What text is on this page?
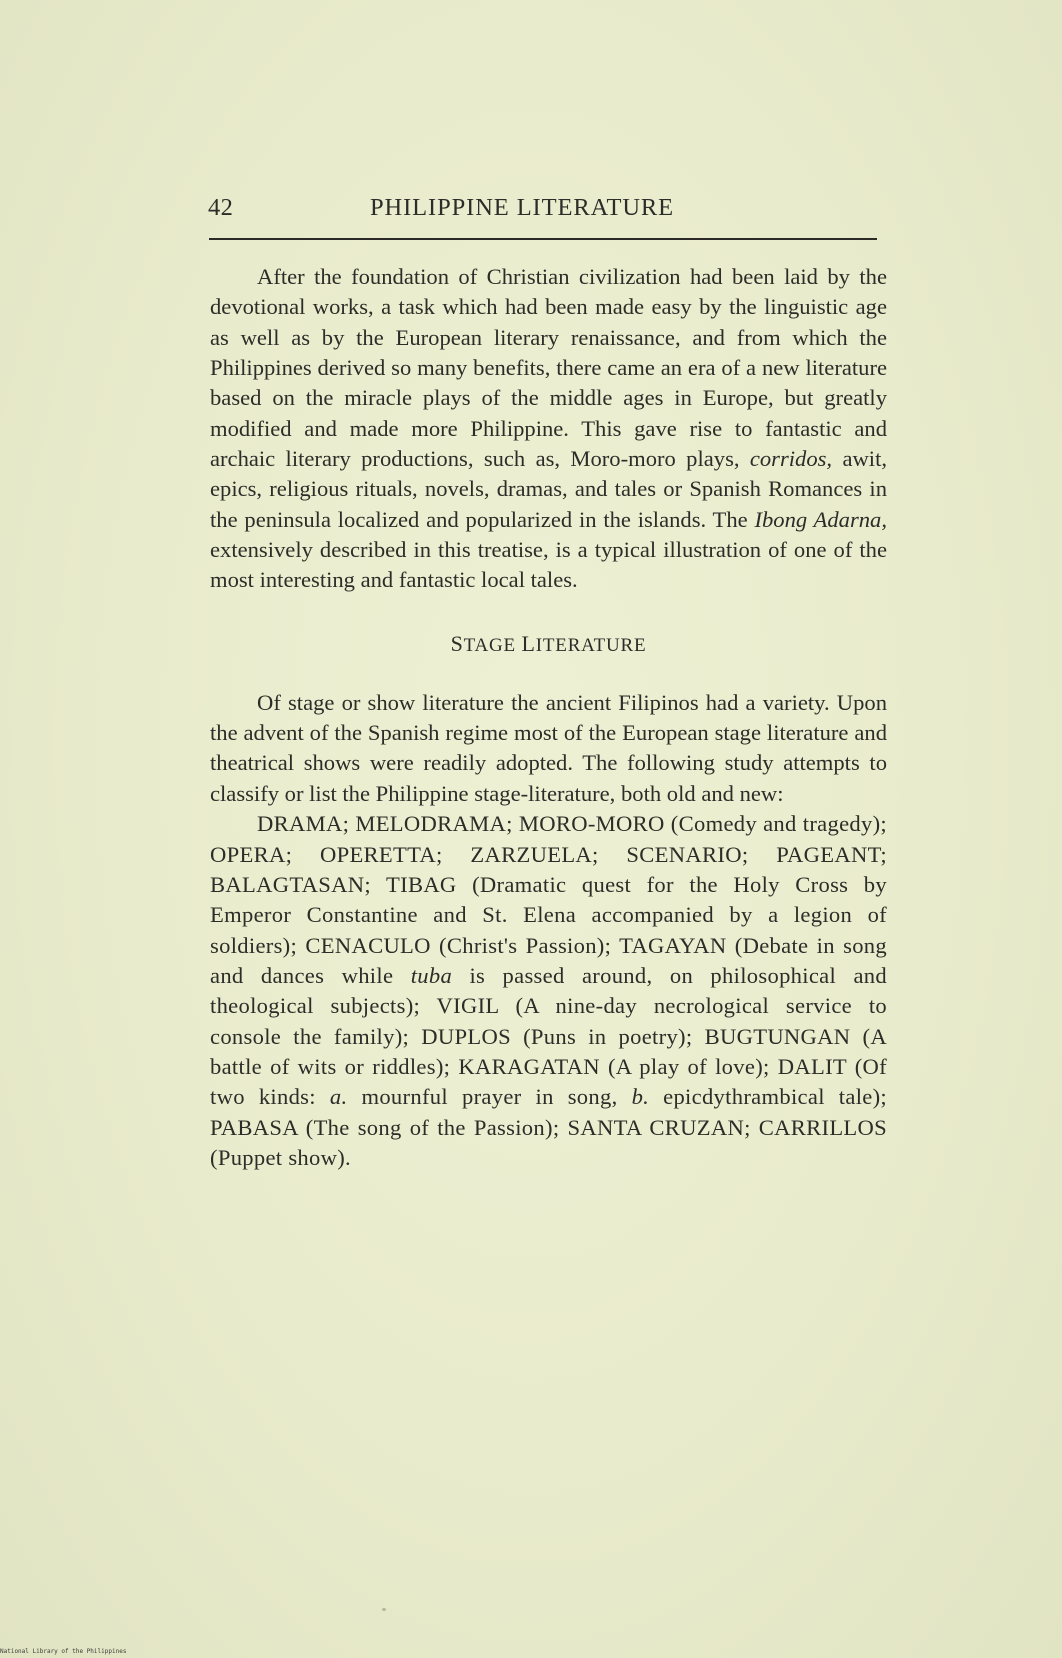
42	PHILIPPINE LITERATURE

After the foundation of Christian civilization had been laid by the devotional works, a task which had been made easy by the linguistic age as well as by the European literary renaissance, and from which the Philippines derived so many benefits, there came an era of a new literature based on the miracle plays of the middle ages in Europe, but greatly modified and made more Philippine. This gave rise to fantastic and archaic literary productions, such as, Moro-moro plays, corridos, awit, epics, religious rituals, novels, dramas, and tales or Spanish Romances in the peninsula localized and popularized in the islands. The Ibong Adarna, extensively described in this treatise, is a typical illustration of one of the most interesting and fantastic local tales.

STAGE LITERATURE

Of stage or show literature the ancient Filipinos had a variety. Upon the advent of the Spanish regime most of the European stage literature and theatrical shows were readily adopted. The following study attempts to classify or list the Philippine stage-literature, both old and new:

DRAMA; MELODRAMA; MORO-MORO (Comedy and tragedy); OPERA; OPERETTA; ZARZUELA; SCENARIO; PAGEANT; BALAGTASAN; TIBAG (Dramatic quest for the Holy Cross by Emperor Constantine and St. Elena accompanied by a legion of soldiers); CENACULO (Christ's Passion); TAGAYAN (Debate in song and dances while tuba is passed around, on philosophical and theological subjects); VIGIL (A nine-day necrological service to console the family); DUPLOS (Puns in poetry); BUGTUNGAN (A battle of wits or riddles); KARAGATAN (A play of love); DALIT (Of two kinds: a. mournful prayer in song, b. epicdythrambical tale); PABASA (The song of the Passion); SANTA CRUZAN; CARRILLOS (Puppet show).

National Library of the Philippines
